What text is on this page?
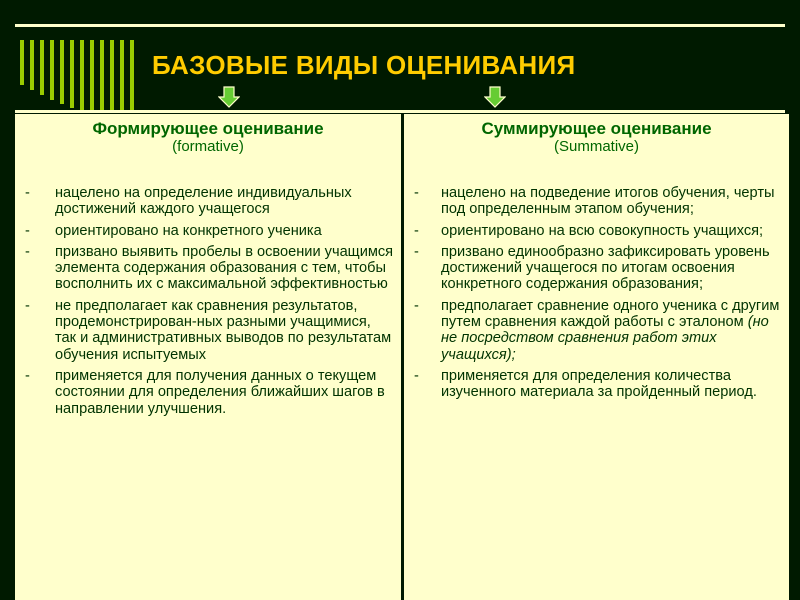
БАЗОВЫЕ ВИДЫ ОЦЕНИВАНИЯ
Формирующее оценивание
(formative)
- нацелено на определение индивидуальных достижений каждого учащегося
- ориентировано на конкретного ученика
- призвано выявить пробелы в освоении учащимся элемента содержания образования с тем, чтобы восполнить их с максимальной эффективностью
- не предполагает как сравнения результатов, продемонстрирован-ных разными учащимися, так и административных выводов по результатам обучения испытуемых
- применяется для получения данных о текущем состоянии для определения ближайших шагов в направлении улучшения.
Суммирующее оценивание
(Summative)
- нацелено на подведение итогов обучения, черты под определенным этапом обучения;
- ориентировано на всю совокупность учащихся;
- призвано единообразно зафиксировать уровень достижений учащегося по итогам освоения конкретного содержания образования;
- предполагает сравнение одного ученика с другим путем сравнения каждой работы с эталоном (но не посредством сравнения работ этих учащихся);
- применяется для определения количества изученного материала за пройденный период.
